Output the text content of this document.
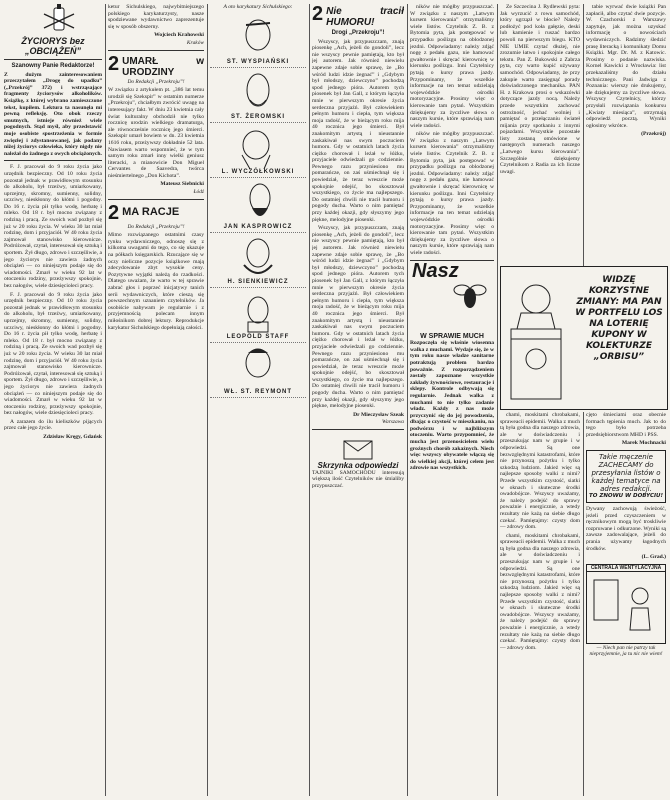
ŻYCIORYS bez „OBCIĄŻEŃ”
Szanowny Panie Redaktorze!
Z dużym zainteresowaniem przeczytałem „Drogę do upadku” („Przekrój” 372) i wstrząsające fragmenty życiorysów alkoholików. Książkę, z której wybrano zamieszczone tekst, kupiłem. Lektura ta nasunęła mi pewną refleksję. Oto obok rzeczy smutnych, istnieje również wiele pogodnych. Stąd myśl, aby przedstawić moje osobiste spostrzeżenia w formie zwięzłej i zdystansowanej, jak podany niżej życiorys człowieka, który nigdy nie należał do żadnego z owych obciążonych.

F. J. pracował do 9 roku życia jako urzędnik bezpieczny. Od 10 roku życia pozostał jednak w prawidłowym stosunku do alkoholu, był trzeźwy, umiarkowany, uprzejmy, skromny, sumienny, solidny, uczciwy, nieskłonny do kłótni i pogodny. Do 16 r. życia pił tylko wodę, herbatę i mleko. Od 18 r. był mocno związany z rodziną i pracą. Ze swoich wad pozbył się już w 20 roku życia. W wieku 30 lat miał rodzinę, dom i przyjaciół. W 40 roku życia zajmował stanowisko kierownicze. Podróżował, czytał, interesował się sztuką i sportem. Żył długo, zdrowo i szczęśliwie, a jego życiorys nie zawiera żadnych obciążeń — co niniejszym podaje się do wiadomości. Zmarł w wieku 92 lat w otoczeniu rodziny, przeżywszy spokojnie, bez nałogów, wiele dziesięcioleci pracy.

F. J. pracował do 9 roku życia jako urzędnik bezpieczny. Od 10 roku życia pozostał jednak w prawidłowym stosunku do alkoholu, był trzeźwy, umiarkowany, uprzejmy, skromny, sumienny, solidny, uczciwy, nieskłonny do kłótni i pogodny. Do 16 r. życia pił tylko wodę, herbatę i mleko. Od 18 r. był mocno związany z rodziną i pracą. Ze swoich wad pozbył się już w 20 roku życia. W wieku 30 lat miał rodzinę, dom i przyjaciół. W 40 roku życia zajmował stanowisko kierownicze. Podróżował, czytał, interesował się sztuką i sportem. Żył długo, zdrowo i szczęśliwie, a jego życiorys nie zawiera żadnych obciążeń — co niniejszym podaje się do wiadomości. Zmarł w wieku 92 lat w otoczeniu rodziny, przeżywszy spokojnie, bez nałogów, wiele dziesięcioleci pracy.

A zarazem do ilu kieliszków pijących przez całe jego życie.

Zdzisław Kręgy, Gdańsk
ketur Sichulskiego, najwybitniejszego polskiego karykaturzysty, nasze spodziewane wydawnictwo zaprezentuje się w sposób obszerny.
Wojciech Krahowski
Kraków
2 UMARŁ w URODZINY
Do Redakcji „Przekroju”!
W związku z artykułem pt. „386 lat temu urodził się Szekspir” w ostatnim numerze „Przekroju”, chciałbym zwrócić uwagę na interesujący fakt. W dniu 23 kwietnia cały świat kulturalny obchodził nie tylko rocznicę urodzin wielkiego dramaturga, ale równocześnie rocznicę jego śmierci. Szekspir umarł bowiem w dn. 23 kwietnia 1616 roku, przeżywszy dokładnie 52 lata. Nawiasem warto wspomnieć, że w tym samym roku zmarł inny wielki geniusz literacki, a mianowicie Don Miguel Cervantes de Saavedra, twórca nieśmiertelnego „Don Kichota”.
Mateusz Siebnicki
Łódź
2 MA RACJE
Do Redakcji „Przekroju”!
Mimo rozwiązanego ostatnimi czasy rynku wydawniczego, odnoszę się z kilkoma uwagami do tego, co się ukazuje na półkach księgarskich. Rzucające się w oczy nieliczne pozycje książkowe mają zdecydowanie zbyt wysokie ceny. Pozytywne wyjątki należą do rzadkości. Dlatego uważam, że warto w tej sprawie zabrać głos i poprzeć inicjatywy tanich serii wydawniczych, które cieszą się powszechnym uznaniem czytelników. Ja osobiście nabywam je regularnie i z przyjemnością polecam innym miłośnikom dobrej lektury. Reprodukcje karykatur Sichulskiego dopełniają całości.
A oto karykatury Sichulskiego:
ST. WYSPIAŃSKI
ST. ŻEROMSKI
L. WYCZÓŁKOWSKI
JAN KASPROWICZ
H. SIENKIEWICZ
LEOPOLD STAFF
WŁ. ST. REYMONT
2 Nie tracił HUMORU!
Drogi „Przekroju”!

Wszyscy, jak przypuszczam, znają piosenkę „Ach, jeżeli do gondoli”, lecz nie wszyscy pewnie pamiętają, kto był jej autorem. Jak również niewielu zapewne zdaje sobie sprawę, że „Bo wśród ludzi idzie żegnać” i „Gdybym był młodszy, dziewczyno” pochodzą spod jednego pióra. Autorem tych piosenek był Jan Gall, z którym łączyła mnie w pierwszym okresie życia serdeczna przyjaźń. Był człowiekiem pełnym humoru i ciepła, tym większa moja radość, że w bieżącym roku mija 40 rocznica jego śmierci. Był znakomitym artystą i nieustannie zaskakiwał nas swym poczuciem humoru. Gdy w ostatnich latach życia ciężko chorował i leżał w łóżku, przyjaciele odwiedzali go codziennie. Pewnego razu przyniesiono mu pomarańcze, on zaś uśmiechnął się i powiedział, że teraz wreszcie może spokojnie odejść, bo skosztował wszystkiego, co życie ma najlepszego. Do ostatniej chwili nie tracił humoru i pogody ducha. Warto o nim pamiętać przy każdej okazji, gdy słyszymy jego piękne, melodyjne piosenki.

Wszyscy, jak przypuszczam, znają piosenkę „Ach, jeżeli do gondoli”, lecz nie wszyscy pewnie pamiętają, kto był jej autorem. Jak również niewielu zapewne zdaje sobie sprawę, że „Bo wśród ludzi idzie żegnać” i „Gdybym był młodszy, dziewczyno” pochodzą spod jednego pióra. Autorem tych piosenek był Jan Gall, z którym łączyła mnie w pierwszym okresie życia serdeczna przyjaźń. Był człowiekiem pełnym humoru i ciepła, tym większa moja radość, że w bieżącym roku mija 40 rocznica jego śmierci. Był znakomitym artystą i nieustannie zaskakiwał nas swym poczuciem humoru. Gdy w ostatnich latach życia ciężko chorował i leżał w łóżku, przyjaciele odwiedzali go codziennie. Pewnego razu przyniesiono mu pomarańcze, on zaś uśmiechnął się i powiedział, że teraz wreszcie może spokojnie odejść, bo skosztował wszystkiego, co życie ma najlepszego. Do ostatniej chwili nie tracił humoru i pogody ducha. Warto o nim pamiętać przy każdej okazji, gdy słyszymy jego piękne, melodyjne piosenki.

Dr Mieczysław Szeak
Warszawa
Skrzynka odpowiedzi
TAJNIKI SAMOCHODU interesują większą ilość Czytelników nie śmialiby przypuszczać.

ników nie mógłby przypuszczać. W związku z naszym „Latwym kursem kierowania” otrzymaliśmy wiele listów. Czytelnik Z. B. z Bytomia pyta, jak postępować w przypadku poślizgu na oblodzonej jezdni. Odpowiadamy: należy zdjąć nogę z pedału gazu, nie hamować gwałtownie i skręcać kierownicę w kierunku poślizgu. Inni Czytelnicy pytają o kursy prawa jazdy. Przypominamy, że wszelkie informacje na ten temat udzielają wojewódzkie ośrodki motoryzacyjne. Prosimy więc o kierowanie tam pytań. Wszystkim dziękujemy za życzliwe słowa o naszym kursie, które sprawiają nam wiele radości.

ników nie mógłby przypuszczać. W związku z naszym „Latwym kursem kierowania” otrzymaliśmy wiele listów. Czytelnik Z. B. z Bytomia pyta, jak postępować w przypadku poślizgu na oblodzonej jezdni. Odpowiadamy: należy zdjąć nogę z pedału gazu, nie hamować gwałtownie i skręcać kierownicę w kierunku poślizgu. Inni Czytelnicy pytają o kursy prawa jazdy. Przypominamy, że wszelkie informacje na ten temat udzielają wojewódzkie ośrodki motoryzacyjne. Prosimy więc o kierowanie tam pytań. Wszystkim dziękujemy za życzliwe słowa o naszym kursie, które sprawiają nam wiele radości.

Nasz
W SPRAWIE MUCH
Rozpoczęła się właśnie wiosenna walka z muchami. Wydaje się, że w tym roku nasze władze sanitarne potraktują problem bardzo poważnie. Z rozporządzeniem zostały zapoznane wszystkie zakłady żywnościowe, restauracje i sklepy. Kontrole odbywają się regularnie. Jednak walka z muchami to nie tylko zadanie władz. Każdy z nas może przyczynić się do jej powodzenia, dbając o czystość w mieszkaniu, na podwórzu i w najbliższym otoczeniu. Warto przypomnieć, że mucha jest przenosicielem wielu groźnych chorób zakaźnych. Niech więc wszyscy obywatele włączą się do wielkiej akcji, której celem jest zdrowie nas wszystkich.

Ze Szczecina J. Rydlewski pyta: Jak wyrzucić z rowu samochód, który ugrzązł w błocie? Należy podłożyć pod koła gałęzie, deski lub kamienie i ruszać bardzo powoli na pierwszym biegu. KTO NIE UMIE czytać dłużej, nie zrozumie łatwo i spokojnie całego tekstu. Pan Z. Bukowski z Zabrza pyta, czy warto kupić używany samochód. Odpowiadamy, że przy zakupie warto zasięgnąć porady doświadczonego mechanika. PAN H. z Krakowa prosi o wskazówki dotyczące jazdy nocą. Należy przede wszystkim zachować ostrożność, jechać wolniej i pamiętać o przełączaniu świateł mijania przy spotkaniu z innymi pojazdami. Wszystkie pozostałe listy zostaną omówione w następnych numerach naszego „Latwego kursu kierowania”. Szczególnie dziękujemy Czytelnikom z Radia za ich liczne uwagi.

tabie wyrwać dwie książki Pan zapłacił, albo czytać dwie pozycje. W. Czachorski z Warszawy zapytuje, jak można uzyskać informację o nowościach wydawniczych. Radzimy śledzić prasę literacką i komunikaty Domu Książki. Mgr. Dr. M. z Katowic. Prosimy o podanie nazwiska. Kornel Kawicki z Wrocławia: list przekazaliśmy do działu technicznego. Pani Jadwiga z Poznania: wierszy nie drukujemy, ale dziękujemy za życzliwe słowa. Wszyscy Czytelnicy, którzy przysłali rozwiązania konkursu „Kwiaty miesiąca”, otrzymają odpowiedź pocztą. Wyniki ogłosimy wkrótce.

(Przekrój)
WIDZĘ KORZYSTNE ZMIANY: MA PAN W PORTFELU LOS NA LOTERIĘ KUPONY W KOLEKTURZE „ORBISU”

chami, moskitami chrobakami, spraweacii epidemii. Walka z much tą była godna dla naszego zdrowia, ale w doświadczeniu i przeszukując nam w grupie i w odpowiedzi. Są one bezwzględnymi katastrofami, które nie przynoszą pożytku i tylko szkodzą ludziom. Jakież więc są najlepsze sposoby walki z nimi? Przede wszystkim czystość, siatki w oknach i skuteczne środki owadobójcze. Wszyscy uważamy, że należy podejść do sprawy poważnie i energicznie, a wtedy rezultaty nie każą na siebie długo czekać. Pamiętajmy: czysty dom — zdrowy dom.

chami, moskitami chrobakami, spraweacii epidemii. Walka z much tą była godna dla naszego zdrowia, ale w doświadczeniu i przeszukując nam w grupie i w odpowiedzi. Są one bezwzględnymi katastrofami, które nie przynoszą pożytku i tylko szkodzą ludziom. Jakież więc są najlepsze sposoby walki z nimi? Przede wszystkim czystość, siatki w oknach i skuteczne środki owadobójcze. Wszyscy uważamy, że należy podejść do sprawy poważnie i energicznie, a wtedy rezultaty nie każą na siebie długo czekać. Pamiętajmy: czysty dom — zdrowy dom.

cjęto śmieciami oraz obecnie formach tępienia much. Jak to do tego było potrzeba przedsiębiorstwom MHD i PSS.
Marek Mochnacki
Takie męczenie ZACHECAMY do przesyłania listów o każdej tematyce na adres redakcji.
TO ZNOWU W DOBYCIU!
Dywany zachowują świeżość, jeżeli przed czyszczeniem w ręcznikowym mogą być troskliwie rozpruwane i odkurzone. Wyniki są zawsze zadowalające, jeżeli do prania używamy łagodnych środków.
(L. Grad.)
CENTRALA WENTYLACYJNA
— Niech pan nie patrzy tak nieprzyjemnie, ja tu nic nie wiem!
